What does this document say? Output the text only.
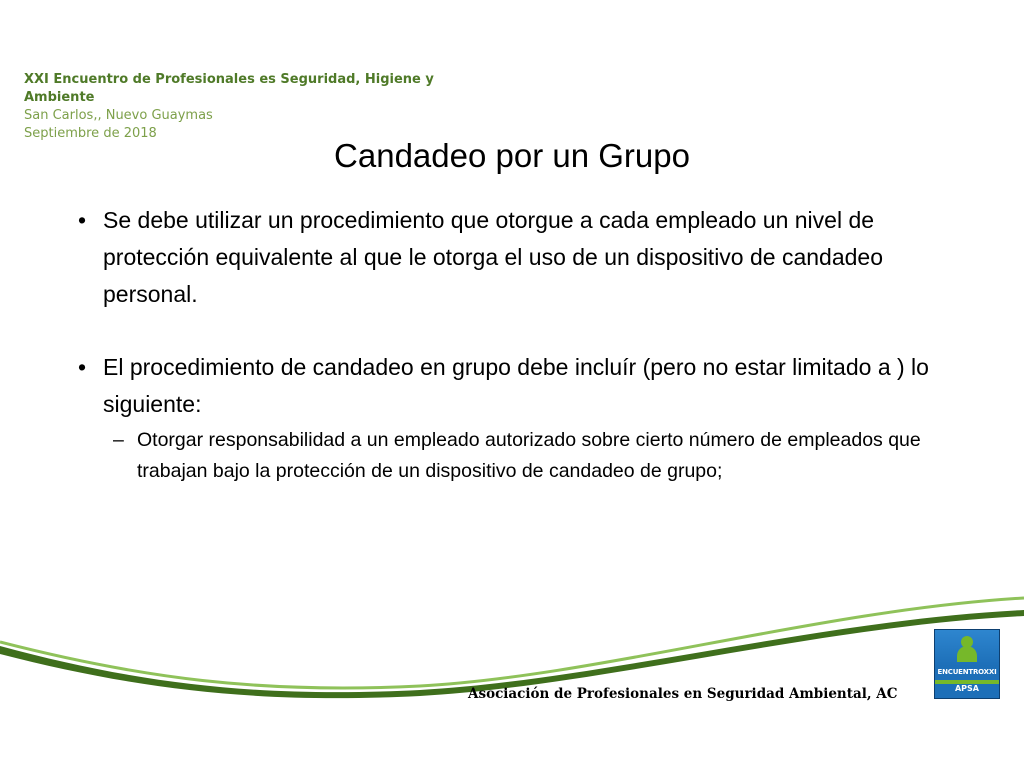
XXI Encuentro de Profesionales es Seguridad, Higiene y
Ambiente
San Carlos,, Nuevo Guaymas
Septiembre de 2018
Candadeo por un Grupo
• Se debe utilizar un procedimiento que otorgue a cada empleado un nivel de protección equivalente al que le otorga el uso de un dispositivo de candadeo personal.
• El procedimiento de candadeo en grupo debe incluír (pero no estar limitado a ) lo siguiente:
– Otorgar responsabilidad a un empleado autorizado sobre cierto número de empleados que trabajan bajo la protección de un dispositivo de candadeo de grupo;
Asociación de Profesionales en Seguridad Ambiental, AC
ENCUENTROXXI
APSA
